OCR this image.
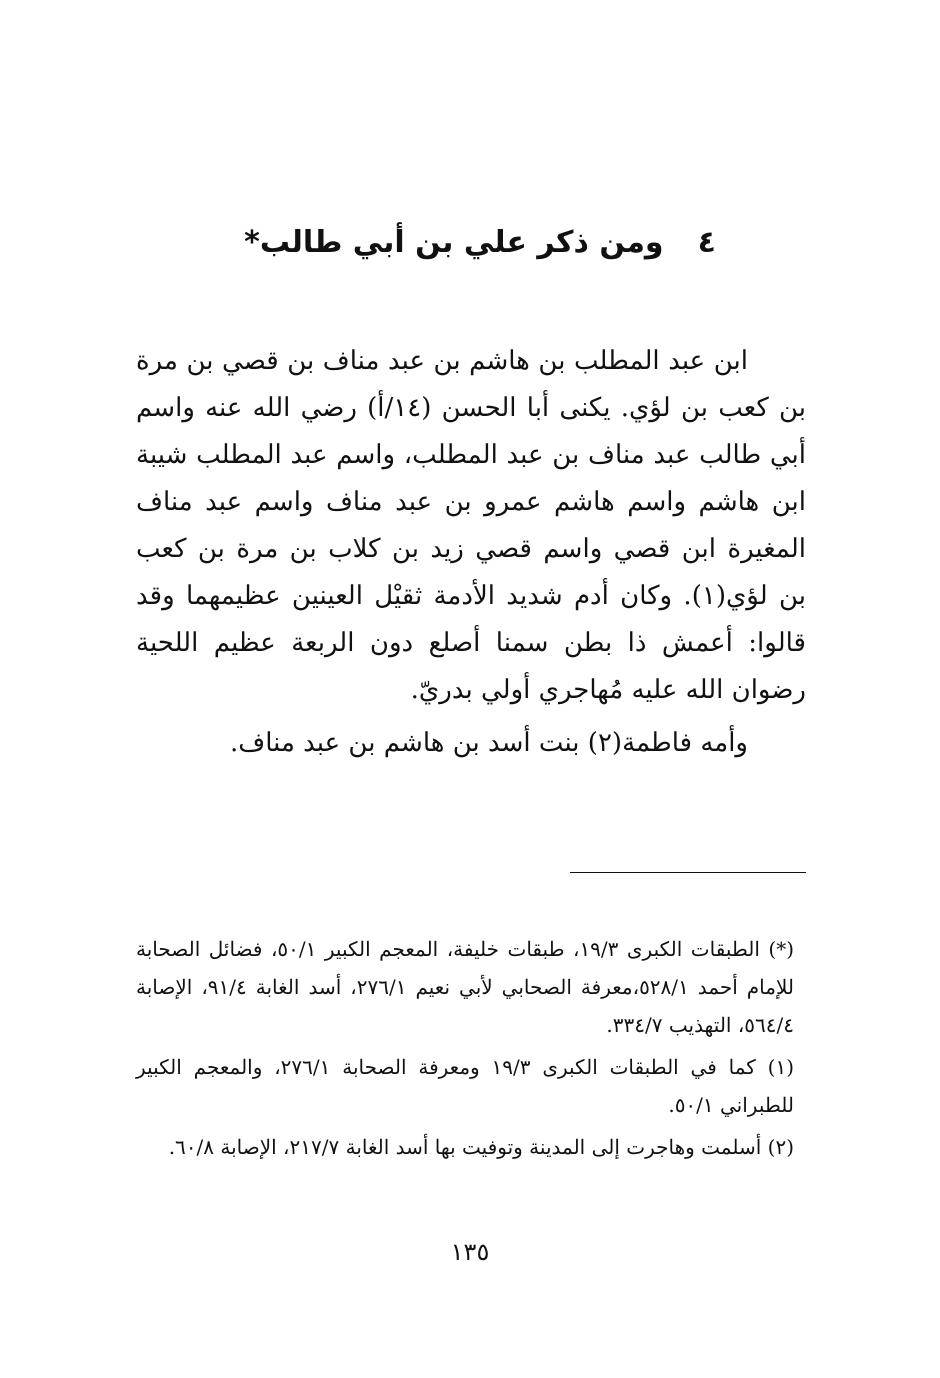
٤ومن ذكر علي بن أبي طالب*

ابن عبد المطلب بن هاشم بن عبد مناف بن قصي بن مرة بن كعب بن لؤي. يكنى أبا الحسن (١٤/أ) رضي الله عنه واسم أبي طالب عبد مناف بن عبد المطلب، واسم عبد المطلب شيبة ابن هاشم واسم هاشم عمرو بن عبد مناف واسم عبد مناف المغيرة ابن قصي واسم قصي زيد بن كلاب بن مرة بن كعب بن لؤي(١). وكان أدم شديد الأدمة ثقيْل العينين عظيمهما وقد قالوا: أعمش ذا بطن سمنا أصلع دون الربعة عظيم اللحية رضوان الله عليه مُهاجري أولي بدريّ.

وأمه فاطمة(٢) بنت أسد بن هاشم بن عبد مناف.

(*) الطبقات الكبرى ١٩/٣، طبقات خليفة، المعجم الكبير ٥٠/١، فضائل الصحابة للإمام أحمد ٥٢٨/١،معرفة الصحابي لأبي نعيم ٢٧٦/١، أسد الغابة ٩١/٤، الإصابة ٥٦٤/٤، التهذيب ٣٣٤/٧.

(١) كما في الطبقات الكبرى ١٩/٣ ومعرفة الصحابة ٢٧٦/١، والمعجم الكبير للطبراني ٥٠/١.

(٢) أسلمت وهاجرت إلى المدينة وتوفيت بها أسد الغابة ٢١٧/٧، الإصابة ٦٠/٨.

١٣٥
